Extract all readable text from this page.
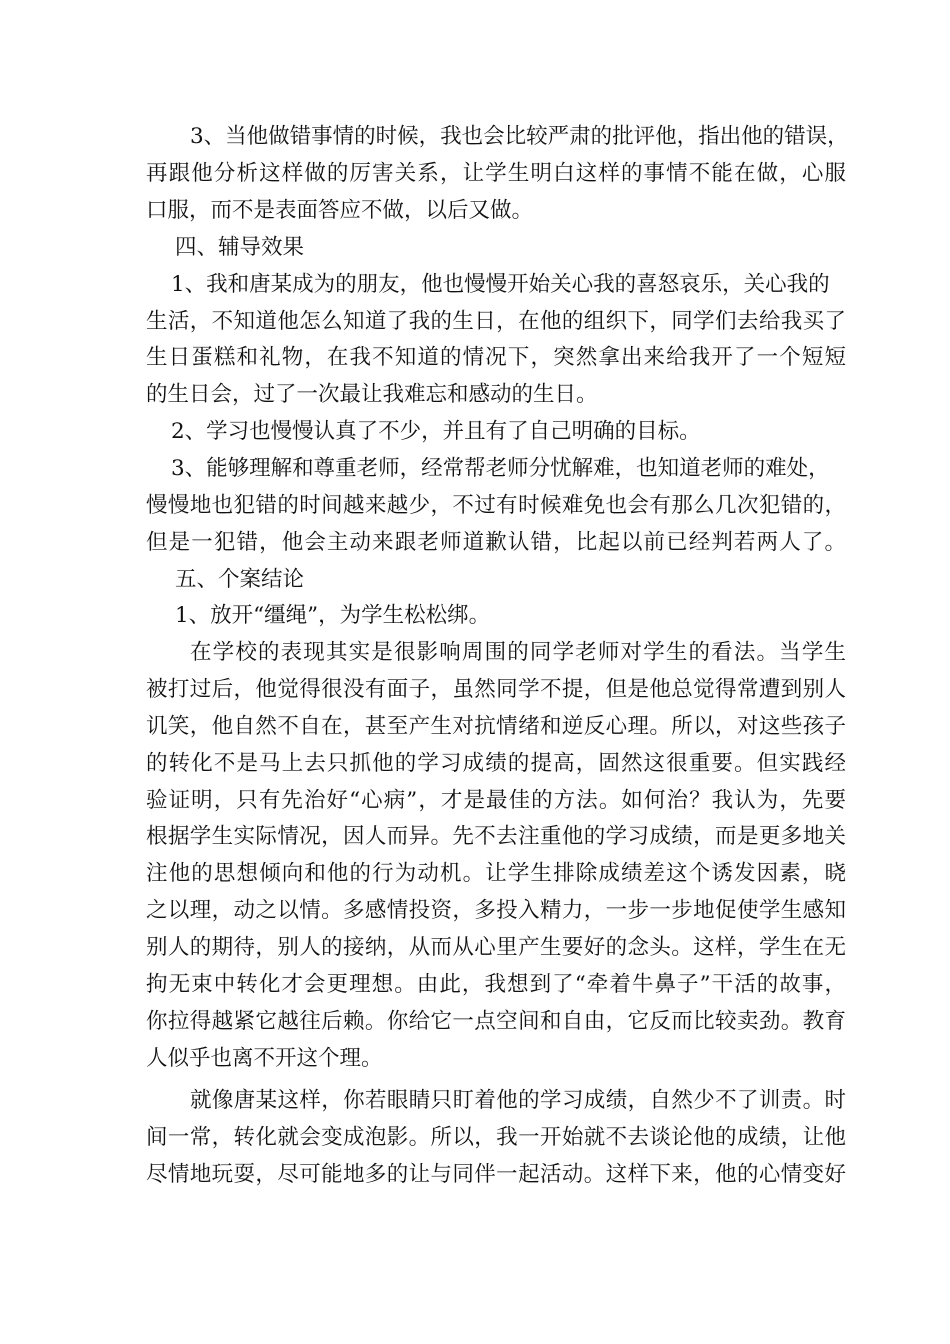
3、当他做错事情的时候，我也会比较严肃的批评他，指出他的错误，
再跟他分析这样做的厉害关系，让学生明白这样的事情不能在做，心服
口服，而不是表面答应不做，以后又做。
四、辅导效果
1、我和唐某成为的朋友，他也慢慢开始关心我的喜怒哀乐，关心我的
生活，不知道他怎么知道了我的生日，在他的组织下，同学们去给我买了
生日蛋糕和礼物，在我不知道的情况下，突然拿出来给我开了一个短短
的生日会，过了一次最让我难忘和感动的生日。
2、学习也慢慢认真了不少，并且有了自己明确的目标。
3、能够理解和尊重老师，经常帮老师分忧解难，也知道老师的难处，
慢慢地也犯错的时间越来越少，不过有时候难免也会有那么几次犯错的，
但是一犯错，他会主动来跟老师道歉认错，比起以前已经判若两人了。
五、个案结论
1、放开“缰绳”，为学生松松绑。
在学校的表现其实是很影响周围的同学老师对学生的看法。当学生
被打过后，他觉得很没有面子，虽然同学不提，但是他总觉得常遭到别人
讥笑，他自然不自在，甚至产生对抗情绪和逆反心理。所以，对这些孩子
的转化不是马上去只抓他的学习成绩的提高，固然这很重要。但实践经
验证明，只有先治好“心病”，才是最佳的方法。如何治？我认为，先要
根据学生实际情况，因人而异。先不去注重他的学习成绩，而是更多地关
注他的思想倾向和他的行为动机。让学生排除成绩差这个诱发因素，晓
之以理，动之以情。多感情投资，多投入精力，一步一步地促使学生感知
别人的期待，别人的接纳，从而从心里产生要好的念头。这样，学生在无
拘无束中转化才会更理想。由此，我想到了“牵着牛鼻子”干活的故事，
你拉得越紧它越往后赖。你给它一点空间和自由，它反而比较卖劲。教育
人似乎也离不开这个理。
就像唐某这样，你若眼睛只盯着他的学习成绩，自然少不了训责。时
间一常，转化就会变成泡影。所以，我一开始就不去谈论他的成绩，让他
尽情地玩耍，尽可能地多的让与同伴一起活动。这样下来，他的心情变好
